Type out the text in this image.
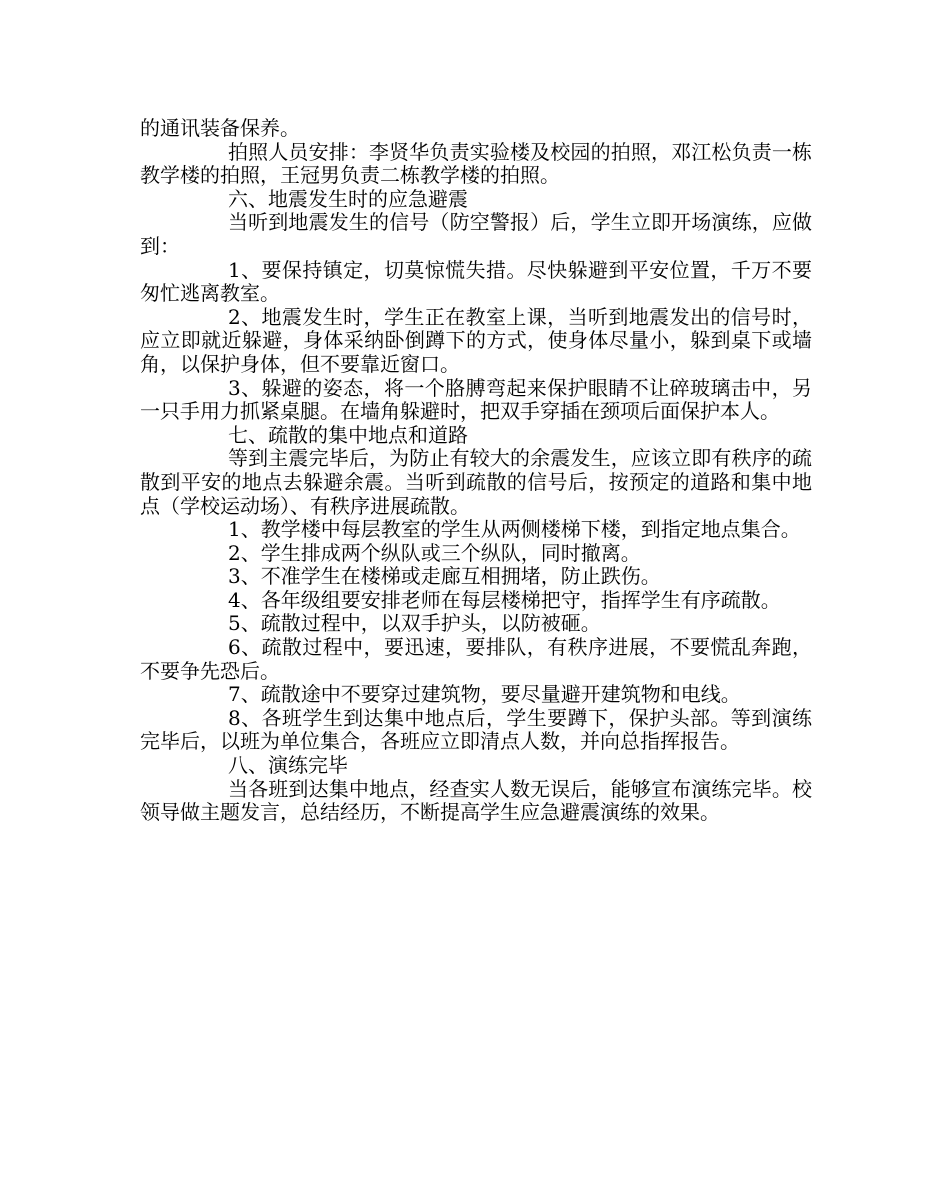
的通讯装备保养。

拍照人员安排：李贤华负责实验楼及校园的拍照，邓江松负责一栋教学楼的拍照，王冠男负责二栋教学楼的拍照。

六、地震发生时的应急避震

当听到地震发生的信号（防空警报）后，学生立即开场演练，应做到：

1、要保持镇定，切莫惊慌失措。尽快躲避到平安位置，千万不要匆忙逃离教室。

2、地震发生时，学生正在教室上课，当听到地震发出的信号时，应立即就近躲避，身体采纳卧倒蹲下的方式，使身体尽量小，躲到桌下或墙角，以保护身体，但不要靠近窗口。

3、躲避的姿态，将一个胳膊弯起来保护眼睛不让碎玻璃击中，另一只手用力抓紧桌腿。在墙角躲避时，把双手穿插在颈项后面保护本人。

七、疏散的集中地点和道路

等到主震完毕后，为防止有较大的余震发生，应该立即有秩序的疏散到平安的地点去躲避余震。当听到疏散的信号后，按预定的道路和集中地点（学校运动场）、有秩序进展疏散。

1、教学楼中每层教室的学生从两侧楼梯下楼，到指定地点集合。

2、学生排成两个纵队或三个纵队，同时撤离。

3、不准学生在楼梯或走廊互相拥堵，防止跌伤。

4、各年级组要安排老师在每层楼梯把守，指挥学生有序疏散。

5、疏散过程中，以双手护头，以防被砸。

6、疏散过程中，要迅速，要排队，有秩序进展，不要慌乱奔跑，不要争先恐后。

7、疏散途中不要穿过建筑物，要尽量避开建筑物和电线。

8、各班学生到达集中地点后，学生要蹲下，保护头部。等到演练完毕后，以班为单位集合，各班应立即清点人数，并向总指挥报告。

八、演练完毕

当各班到达集中地点，经查实人数无误后，能够宣布演练完毕。校领导做主题发言，总结经历，不断提高学生应急避震演练的效果。
